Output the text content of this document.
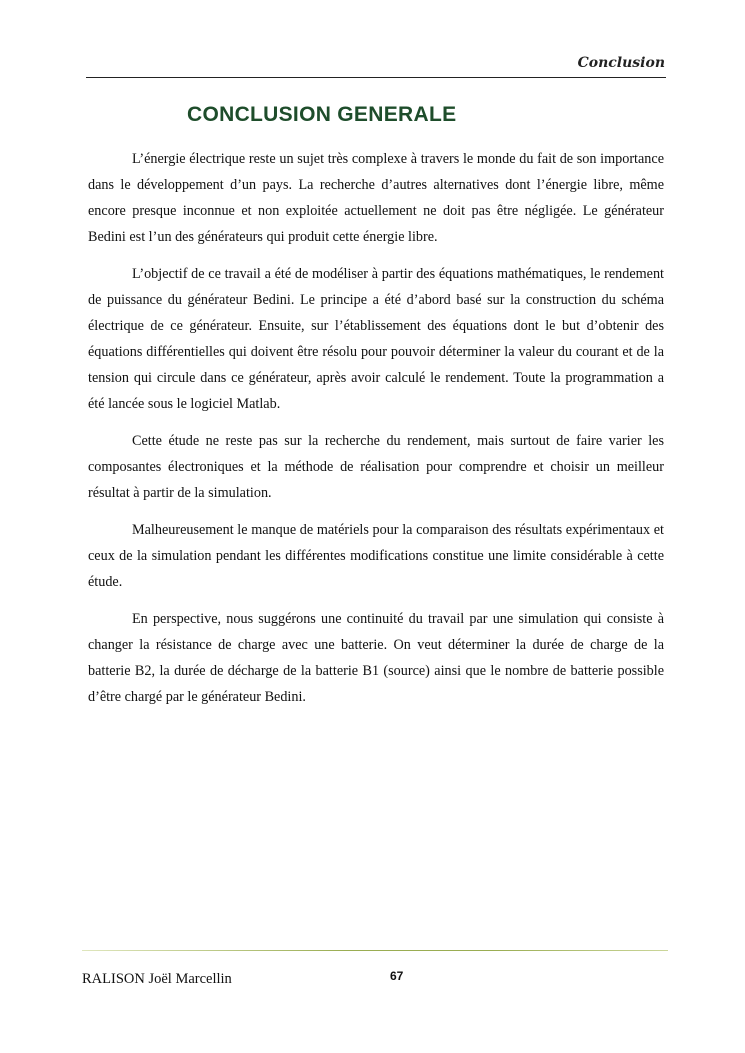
Conclusion
CONCLUSION GENERALE

L’énergie électrique reste un sujet très complexe à travers le monde du fait de son importance dans le développement d’un pays. La recherche d’autres alternatives dont l’énergie libre, même encore presque inconnue et non exploitée actuellement ne doit pas être négligée. Le générateur Bedini est l’un des générateurs qui produit cette énergie libre.

L’objectif de ce travail a été de modéliser à partir des équations mathématiques, le rendement de puissance du générateur Bedini. Le principe a été d’abord basé sur la construction du schéma électrique de ce générateur. Ensuite, sur l’établissement des équations dont le but d’obtenir des équations différentielles qui doivent être résolu pour pouvoir déterminer la valeur du courant et de la tension qui circule dans ce générateur, après avoir calculé le rendement. Toute la programmation a été lancée sous le logiciel Matlab.

Cette étude ne reste pas sur la recherche du rendement, mais surtout de faire varier les composantes électroniques et la méthode de réalisation pour comprendre et choisir un meilleur résultat à partir de la simulation.

Malheureusement le manque de matériels pour la comparaison des résultats expérimentaux et ceux de la simulation pendant les différentes modifications constitue une limite considérable à cette étude.

En perspective, nous suggérons une continuité du travail par une simulation qui consiste à changer la résistance de charge avec une batterie. On veut déterminer la durée de charge de la batterie B2, la durée de décharge de la batterie B1 (source) ainsi que le nombre de batterie possible d’être chargé par le générateur Bedini.

RALISON Joël Marcellin	67
